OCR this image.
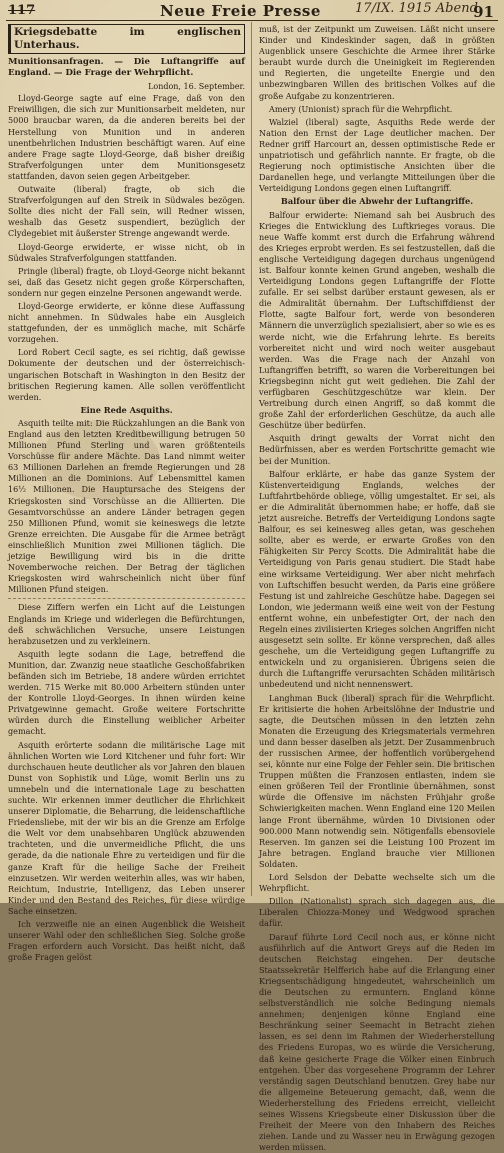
117	Neue Freie Presse	17/IX. 1915 Abend
91
Kriegsdebatte im englischen Unterhaus.

Munitionsanfragen. — Die Luftangriffe auf England. — Die Frage der Wehrpflicht.

London, 16. September.

Lloyd-George sagte auf eine Frage, daß von den Freiwilligen, die sich zur Munitionsarbeit meldeten, nur 5000 braucbar waren, da die anderen bereits bei der Herstellung von Munition und in anderen unentbehrlichen Industrien beschäftigt waren. Auf eine andere Frage sagte Lloyd-George, daß bisher dreißig Strafverfolgungen unter dem Munitionsgesetz stattfanden, davon seien gegen Arbeitgeber.

Outwaite (liberal) fragte, ob sich die Strafverfolgungen auf den Streik in Südwales bezögen. Sollte dies nicht der Fall sein, will Redner wissen, weshalb das Gesetz suspendiert, bezüglich der Clydegebiet mit äußerster Strenge angewandt werde.

Lloyd-George erwiderte, er wisse nicht, ob in Südwales Strafverfolgungen stattfanden.

Pringle (liberal) fragte, ob Lloyd-George nicht bekannt sei, daß das Gesetz nicht gegen große Körperschaften, sondern nur gegen einzelne Personen angewandt werde.

Lloyd-George erwiderte, er könne diese Auffassung nicht annehmen. In Südwales habe ein Ausgleich stattgefunden, der es unmöglich mache, mit Schärfe vorzugehen.

Lord Robert Cecil sagte, es sei richtig, daß gewisse Dokumente der deutschen und der österreichisch-ungarischen Botschaft in Washington in den Besitz der britischen Regierung kamen. Alle sollen veröffentlicht werden.

Eine Rede Asquiths.

Asquith teilte mit: Die Rückzahlungen an die Bank von England aus den letzten Kreditbewilligung betrugen 50 Millionen Pfund Sterling und waren größtenteils Vorschüsse für andere Mächte. Das Land nimmt weiter 63 Millionen Darlehen an fremde Regierungen und 28 Millionen an die Dominions. Auf Lebensmittel kamen 16½ Millionen. Die Hauptursache des Steigens der Kriegskosten sind Vorschüsse an die Alliierten. Die Gesamtvorschüsse an andere Länder betragen gegen 250 Millionen Pfund, womit sie keineswegs die letzte Grenze erreichten. Die Ausgabe für die Armee beträgt einschließlich Munition zwei Millionen täglich. Die jetzige Bewilligung wird bis in die dritte Novemberwoche reichen. Der Betrag der täglichen Kriegskosten wird wahrscheinlich nicht über fünf Millionen Pfund steigen.

Diese Ziffern werfen ein Licht auf die Leistungen Englands im Kriege und widerlegen die Befürchtungen, deß schwächlichen Versuche, unsere Leistungen herabzusetzen und zu verkleinern.

Asquith legte sodann die Lage, betreffend die Munition, dar. Zwanzig neue staatliche Geschoßfabriken befänden sich im Betriebe, 18 andere würden errichtet werden. 715 Werke mit 80.000 Arbeitern stünden unter der Kontrolle Lloyd-Georges. In ihnen würden keine Privatgewinne gemacht. Große weitere Fortschritte würden durch die Einstellung weiblicher Arbeiter gemacht.

Asquith erörterte sodann die militärische Lage mit ähnlichen Worten wie Lord Kitchener und fuhr fort: Wir durchschauen heute deutlicher als vor Jahren den blauen Dunst von Sophistik und Lüge, womit Berlin uns zu umnebeln und die internationale Lage zu beschatten suchte. Wir erkennen immer deutlicher die Ehrlichkeit unserer Diplomatie, die Beharrung, die leidenschaftliche Friedensliebe, mit der wir bis an die Grenze am Erfolge die Welt vor dem unabsehbaren Unglück abzuwenden trachteten, und die unvermeidliche Pflicht, die uns gerade, da die nationale Ehre zu verteidigen und für die ganze Kraft für die heilige Sache der Freiheit einzusetzen. Wir werden weiterhin alles, was wir haben, Reichtum, Industrie, Intelligenz, das Leben unserer Kinder und den Bestand des Reiches, für diese würdige Sache einsetzen.

Ich verzweifle nie an einen Augenblick die Weisheit unserer Wahl oder den schließlichen Sieg. Solche große Fragen erfordern auch Vorsicht. Das heißt nicht, daß große Fragen gelöst

muß, ist der Zeitpunkt um Zuweisen. Läßt nicht unsere Kinder und Kindeskinder sagen, daß in größten Augenblick unsere Geschichte die Armee ihrer Stärke beraubt wurde durch die Uneinigkeit im Regierenden und Regierten, die ungeteilte Energie und den unbezwingbaren Willen des britischen Volkes auf die große Aufgabe zu konzentrieren.

Amery (Unionist) sprach für die Wehrpflicht.

Walziel (liberal) sagte, Asquiths Rede werde der Nation den Ernst der Lage deutlicher machen. Der Redner griff Harcourt an, dessen optimistische Rede er unpatriotisch und gefährlich nannte. Er fragte, ob die Regierung noch optimistische Ansichten über die Dardanellen hege, und verlangte Mitteilungen über die Verteidigung Londons gegen einen Luftangriff.

Balfour über die Abwehr der Luftangriffe.

Balfour erwiderte: Niemand sah bei Ausbruch des Krieges die Entwicklung des Luftkrieges voraus. Die neue Waffe kommt erst durch die Erfahrung während des Krieges erprobt werden. Es sei festzustellen, daß die englische Verteidigung dagegen durchaus ungenügend ist. Balfour konnte keinen Grund angeben, weshalb die Verteidigung Londons gegen Luftangriffe der Flotte zufalle. Er sei selbst darüber erstaunt gewesen, als er die Admiralität übernahm. Der Luftschiffdienst der Flotte, sagte Balfour fort, werde von besonderen Männern die unverzüglich spezialisiert, aber so wie es es werde nicht, wie die Erfahrung lehrte. Es bereits vorbereitet nicht und wird noch weiter ausgebaut werden. Was die Frage nach der Anzahl von Luftangriffen betrifft, so waren die Vorbereitungen bei Kriegsbeginn nicht gut weit gediehen. Die Zahl der verfügbaren Geschützgeschütze war klein. Der Vertreibung durch einen Angriff, so daß kommt die große Zahl der erforderlichen Geschütze, da auch alle Geschütze über bedürfen.

Asquith dringt gewalts der Vorrat nicht den Bedürfnissen, aber es werden Fortschritte gemacht wie bei der Munition.

Balfour erklärte, er habe das ganze System der Küstenverteidigung Englands, welches der Luftfahrtbehörde obliege, völlig umgestaltet. Er sei, als er die Admiralität übernommen habe; er hoffe, daß sie jetzt ausreiche. Betreffs der Verteidigung Londons sagte Balfour, es sei keinesweg alles getan, was geschehen sollte, aber es werde, er erwarte Großes von den Fähigkeiten Sir Percy Scotts. Die Admiralität habe die Verteidigung von Paris genau studiert. Die Stadt habe eine wirksame Verteidigung. Wer aber nicht mehrfach von Luftschiffen besucht werden, da Paris eine größere Festung ist und zahlreiche Geschütze habe. Dagegen sei London, wie jedermann weiß eine weit von der Festung entfernt wohne, ein unbefestigter Ort, der nach den Regeln eines zivilisierten Krieges solchen Angriffen nicht ausgesetzt sein sollte. Er könne versprechen, daß alles geschehe, um die Verteidigung gegen Luftangriffe zu entwickeln und zu organisieren. Übrigens seien die durch die Luftangriffe verursachten Schäden militärisch unbedeutend und nicht nennenswert.

Langhman Buck (liberal) sprach für die Wehrpflicht. Er kritisierte die hohen Arbeitslöhne der Industrie und sagte, die Deutschen müssen in den letzten zehn Monaten die Erzeugung des Kriegsmaterials vermehren und dann besser daselben als jetzt. Der Zusammenbruch der russischen Armee, der hoffentlich vorübergehend sei, könnte nur eine Folge der Fehler sein. Die britischen Truppen müßten die Franzosen entlasten, indem sie einen größeren Teil der Frontlinie übernähmen, sonst würde die Offensive im nächsten Frühjahr große Schwierigkeiten machen. Wenn England eine 120 Meilen lange Front übernähme, würden 10 Divisionen oder 900.000 Mann notwendig sein. Nötigenfalls ebensoviele Reserven. Im ganzen sei die Leistung 100 Prozent im Jahre betragen. England brauche vier Millionen Soldaten.

Lord Selsdon der Debatte wechselte sich um die Wehrpflicht.

Dillon (Nationalist) sprach sich dagegen aus, die Liberalen Chiozza-Money und Wedgwood sprachen dafür.

Darauf führte Lord Cecil noch aus, er könne nicht ausführlich auf die Antwort Greys auf die Reden im deutschen Reichstag eingehen. Der deutsche Staatssekretär Helfferich habe auf die Erlangung einer Kriegsentschädigung hingedeutet, wahrscheinlich um die Deutschen zu ermuntern. England könne selbstverständlich nie solche Bedingung niemals annehmen; denjenigen könne England eine Beschränkung seiner Seemacht in Betracht ziehen lassen, es sei denn im Rahmen der Wiederherstellung des Friedens Europas, wo es würde die Versicherung, daß keine gesicherte Frage die Völker einen Einbruch entgehen. Über das vorgesehene Programm der Lehrer verständig sagen Deutschland benutzen. Grey habe nur die allgemeine Beteuerung gemacht, daß, wenn die Wiederherstellung des Friedens erreicht, vielleicht seines Wissens Kriegsbeute einer Diskussion über die Freiheit der Meere von den Inhabern des Reiches ziehen. Lande und zu Wasser neu in Erwägung gezogen werden müssen.
